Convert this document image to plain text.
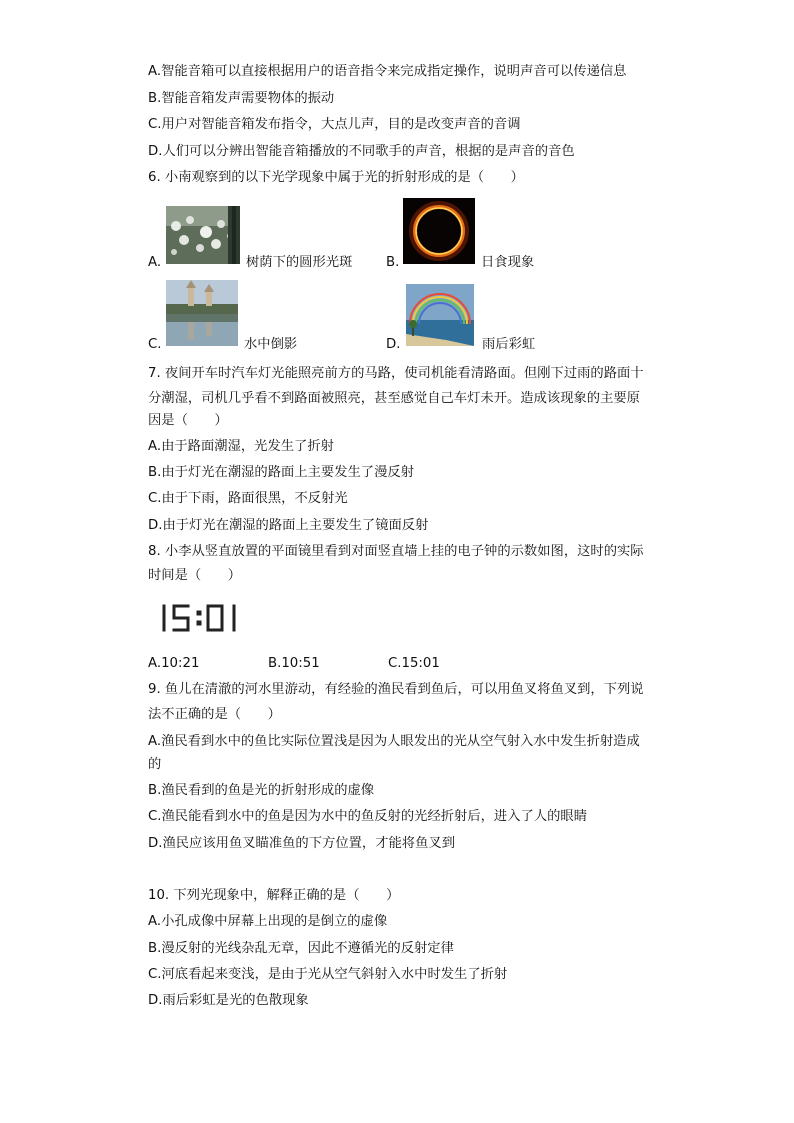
A.智能音箱可以直接根据用户的语音指令来完成指定操作，说明声音可以传递信息
B.智能音箱发声需要物体的振动
C.用户对智能音箱发布指令，大点儿声，目的是改变声音的音调
D.人们可以分辨出智能音箱播放的不同歌手的声音，根据的是声音的音色
6. 小南观察到的以下光学现象中属于光的折射形成的是（　　）
A.	树荫下的圆形光斑	B.	日食现象
C.	水中倒影	D.	雨后彩虹
7. 夜间开车时汽车灯光能照亮前方的马路，使司机能看清路面。但刚下过雨的路面十
分潮湿，司机几乎看不到路面被照亮，甚至感觉自己车灯未开。造成该现象的主要原
因是（　　）
A.由于路面潮湿，光发生了折射
B.由于灯光在潮湿的路面上主要发生了漫反射
C.由于下雨，路面很黑，不反射光
D.由于灯光在潮湿的路面上主要发生了镜面反射
8. 小李从竖直放置的平面镜里看到对面竖直墙上挂的电子钟的示数如图，这时的实际
时间是（　　）
A.10:21	B.10:51	C.15:01
9. 鱼儿在清澈的河水里游动，有经验的渔民看到鱼后，可以用鱼叉将鱼叉到，下列说
法不正确的是（　　）
A.渔民看到水中的鱼比实际位置浅是因为人眼发出的光从空气射入水中发生折射造成
的
B.渔民看到的鱼是光的折射形成的虚像
C.渔民能看到水中的鱼是因为水中的鱼反射的光经折射后，进入了人的眼睛
D.渔民应该用鱼叉瞄准鱼的下方位置，才能将鱼叉到
10. 下列光现象中，解释正确的是（　　）
A.小孔成像中屏幕上出现的是倒立的虚像
B.漫反射的光线杂乱无章，因此不遵循光的反射定律
C.河底看起来变浅，是由于光从空气斜射入水中时发生了折射
D.雨后彩虹是光的色散现象
